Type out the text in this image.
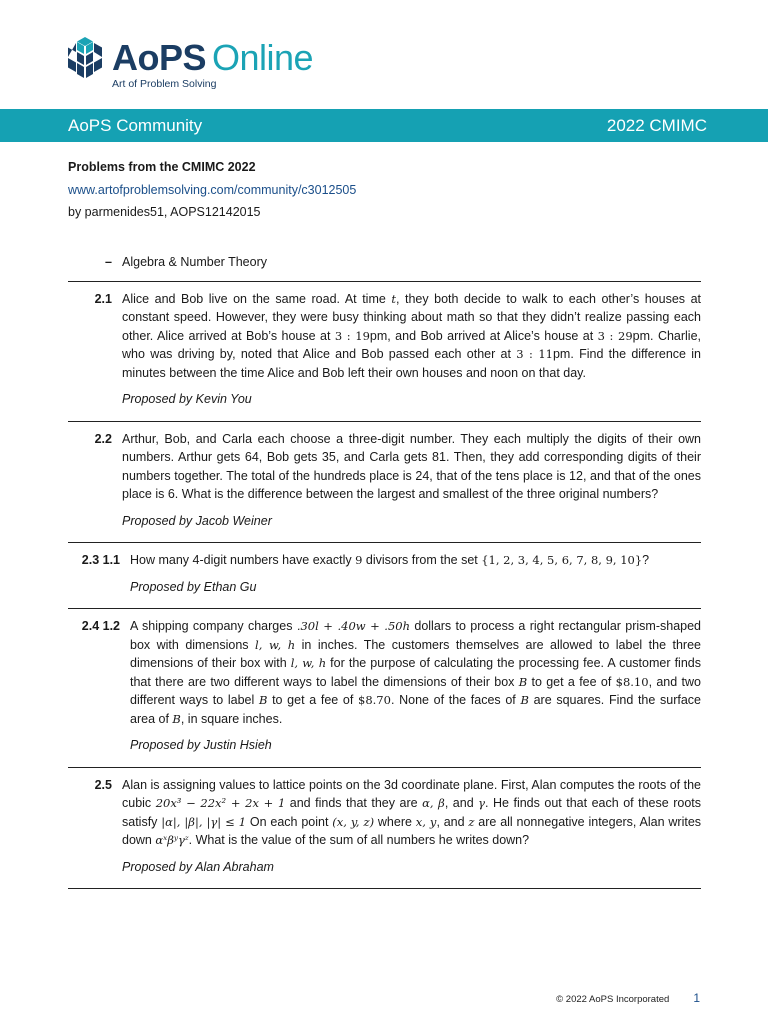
AoPS Online
Art of Problem Solving
AoPS Community	2022 CMIMC
Problems from the CMIMC 2022
www.artofproblemsolving.com/community/c3012505
by parmenides51, AOPS12142015
– Algebra & Number Theory

2.1 Alice and Bob live on the same road. At time t, they both decide to walk to each other’s houses at constant speed. However, they were busy thinking about math so that they didn’t realize passing each other. Alice arrived at Bob’s house at 3 : 19pm, and Bob arrived at Alice’s house at 3 : 29pm. Charlie, who was driving by, noted that Alice and Bob passed each other at 3 : 11pm. Find the difference in minutes between the time Alice and Bob left their own houses and noon on that day.

Proposed by Kevin You

2.2 Arthur, Bob, and Carla each choose a three-digit number. They each multiply the digits of their own numbers. Arthur gets 64, Bob gets 35, and Carla gets 81. Then, they add corresponding digits of their numbers together. The total of the hundreds place is 24, that of the tens place is 12, and that of the ones place is 6. What is the difference between the largest and smallest of the three original numbers?

Proposed by Jacob Weiner

2.3 1.1 How many 4-digit numbers have exactly 9 divisors from the set {1, 2, 3, 4, 5, 6, 7, 8, 9, 10}?

Proposed by Ethan Gu

2.4 1.2 A shipping company charges .30l + .40w + .50h dollars to process a right rectangular prism-shaped box with dimensions l, w, h in inches. The customers themselves are allowed to label the three dimensions of their box with l, w, h for the purpose of calculating the processing fee. A customer finds that there are two different ways to label the dimensions of their box B to get a fee of $8.10, and two different ways to label B to get a fee of $8.70. None of the faces of B are squares. Find the surface area of B, in square inches.

Proposed by Justin Hsieh

2.5 Alan is assigning values to lattice points on the 3d coordinate plane. First, Alan computes the roots of the cubic 20x³ − 22x² + 2x + 1 and finds that they are α, β, and γ. He finds out that each of these roots satisfy |α|, |β|, |γ| ≤ 1 On each point (x, y, z) where x, y, and z are all nonnegative integers, Alan writes down αˣβʸγᶻ. What is the value of the sum of all numbers he writes down?

Proposed by Alan Abraham

© 2022 AoPS Incorporated 1
